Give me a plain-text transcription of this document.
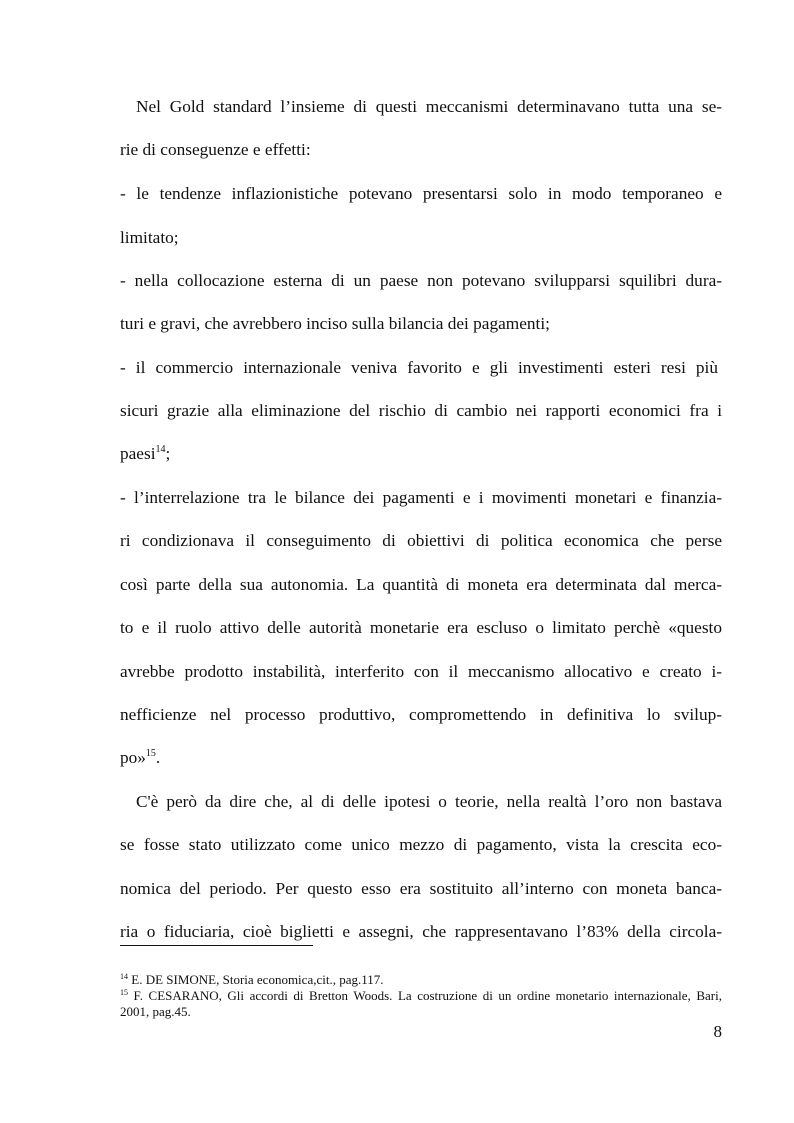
Nel Gold standard l’insieme di questi meccanismi determinavano tutta una se-
rie di conseguenze e effetti:
- le tendenze inflazionistiche potevano presentarsi solo in modo temporaneo e
limitato;
- nella collocazione esterna di un paese non potevano svilupparsi squilibri dura-
turi e gravi, che avrebbero inciso sulla bilancia dei pagamenti;
- il commercio internazionale veniva favorito e gli investimenti esteri resi più
sicuri grazie alla eliminazione del rischio di cambio nei rapporti economici fra i
paesi$^{14}$;
- l’interrelazione tra le bilance dei pagamenti e i movimenti monetari e finanzia-
ri condizionava il conseguimento di obiettivi di politica economica che perse
così parte della sua autonomia. La quantità di moneta era determinata dal merca-
to e il ruolo attivo delle autorità monetarie era escluso o limitato perchè «questo
avrebbe prodotto instabilità, interferito con il meccanismo allocativo e creato i-
nefficienze nel processo produttivo, compromettendo in definitiva lo svilup-
po»$^{15}$.
C'è però da dire che, al di delle ipotesi o teorie, nella realtà l’oro non bastava
se fosse stato utilizzato come unico mezzo di pagamento, vista la crescita eco-
nomica del periodo. Per questo esso era sostituito all’interno con moneta banca-
ria o fiduciaria, cioè biglietti e assegni, che rappresentavano l’83% della circola-
$^{14}$ E. DE SIMONE, Storia economica,cit., pag.117.
$^{15}$ F. CESARANO, Gli accordi di Bretton Woods. La costruzione di un ordine monetario internazionale, Bari,
2001, pag.45.
8
